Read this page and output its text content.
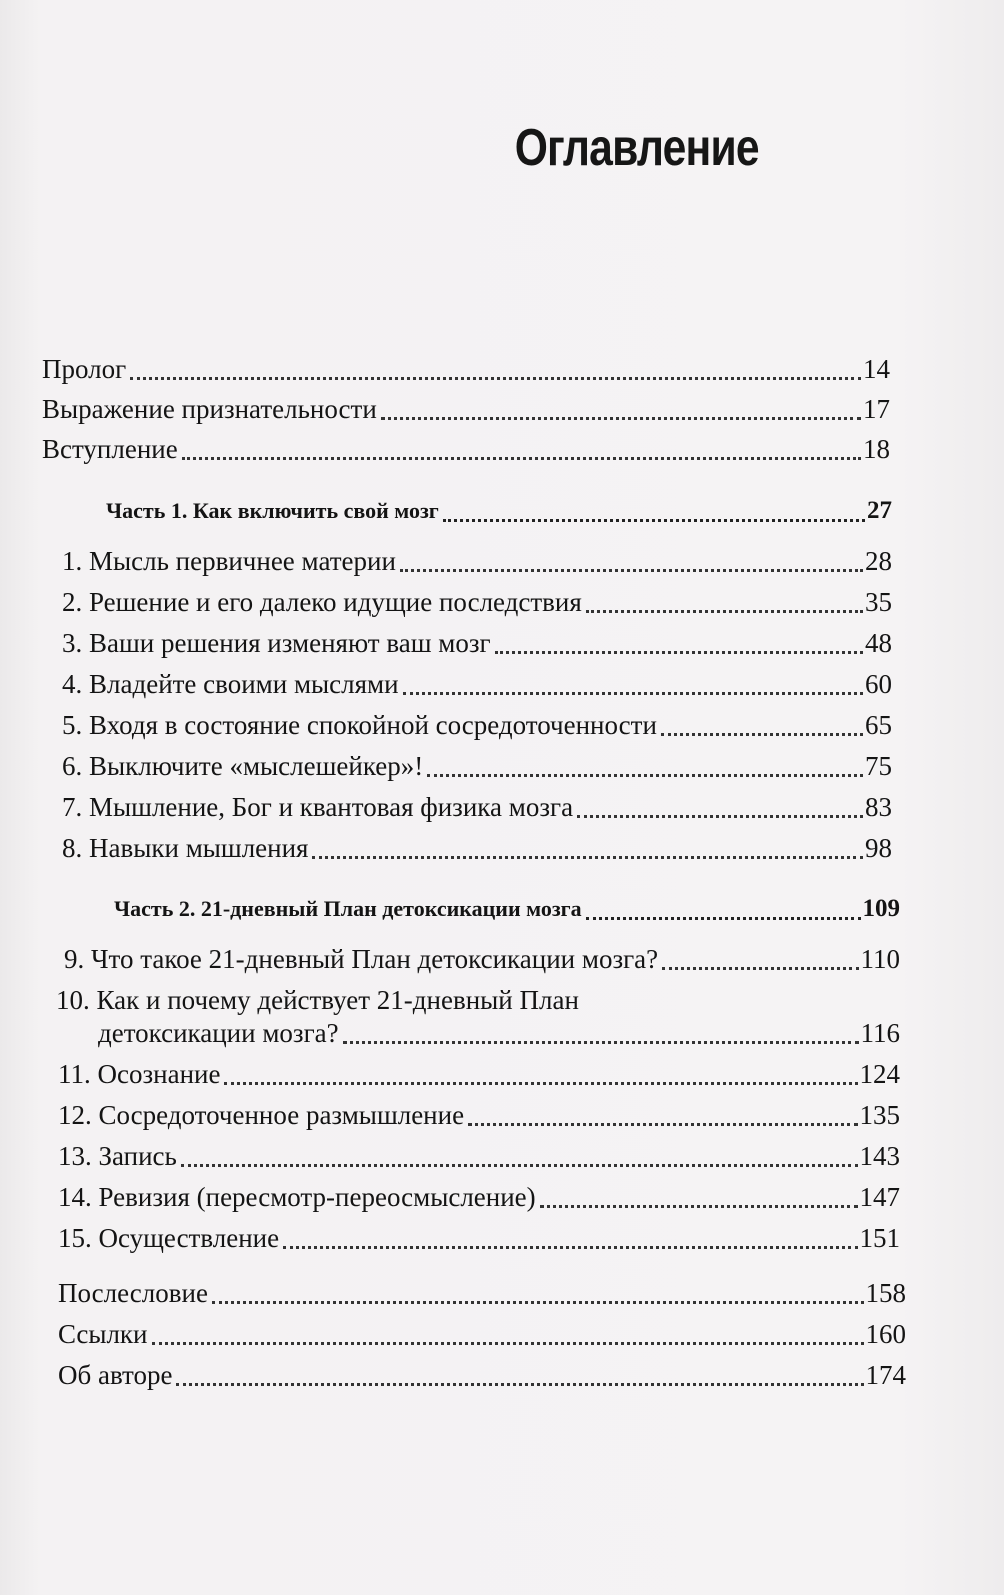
Оглавление
Пролог	14
Выражение признательности	17
Вступление	18
Часть 1. Как включить свой мозг	27
1. Мысль первичнее материи	28
2. Решение и его далеко идущие последствия	35
3. Ваши решения изменяют ваш мозг	48
4. Владейте своими мыслями	60
5. Входя в состояние спокойной сосредоточенности	65
6. Выключите «мыслешейкер»!	75
7. Мышление, Бог и квантовая физика мозга	83
8. Навыки мышления	98
Часть 2. 21-дневный План детоксикации мозга	109
9. Что такое 21-дневный План детоксикации мозга?	110
10. Как и почему действует 21-дневный План
детоксикации мозга?	116
11. Осознание	124
12. Сосредоточенное размышление	135
13. Запись	143
14. Ревизия (пересмотр-переосмысление)	147
15. Осуществление	151
Послесловие	158
Ссылки	160
Об авторе	174
